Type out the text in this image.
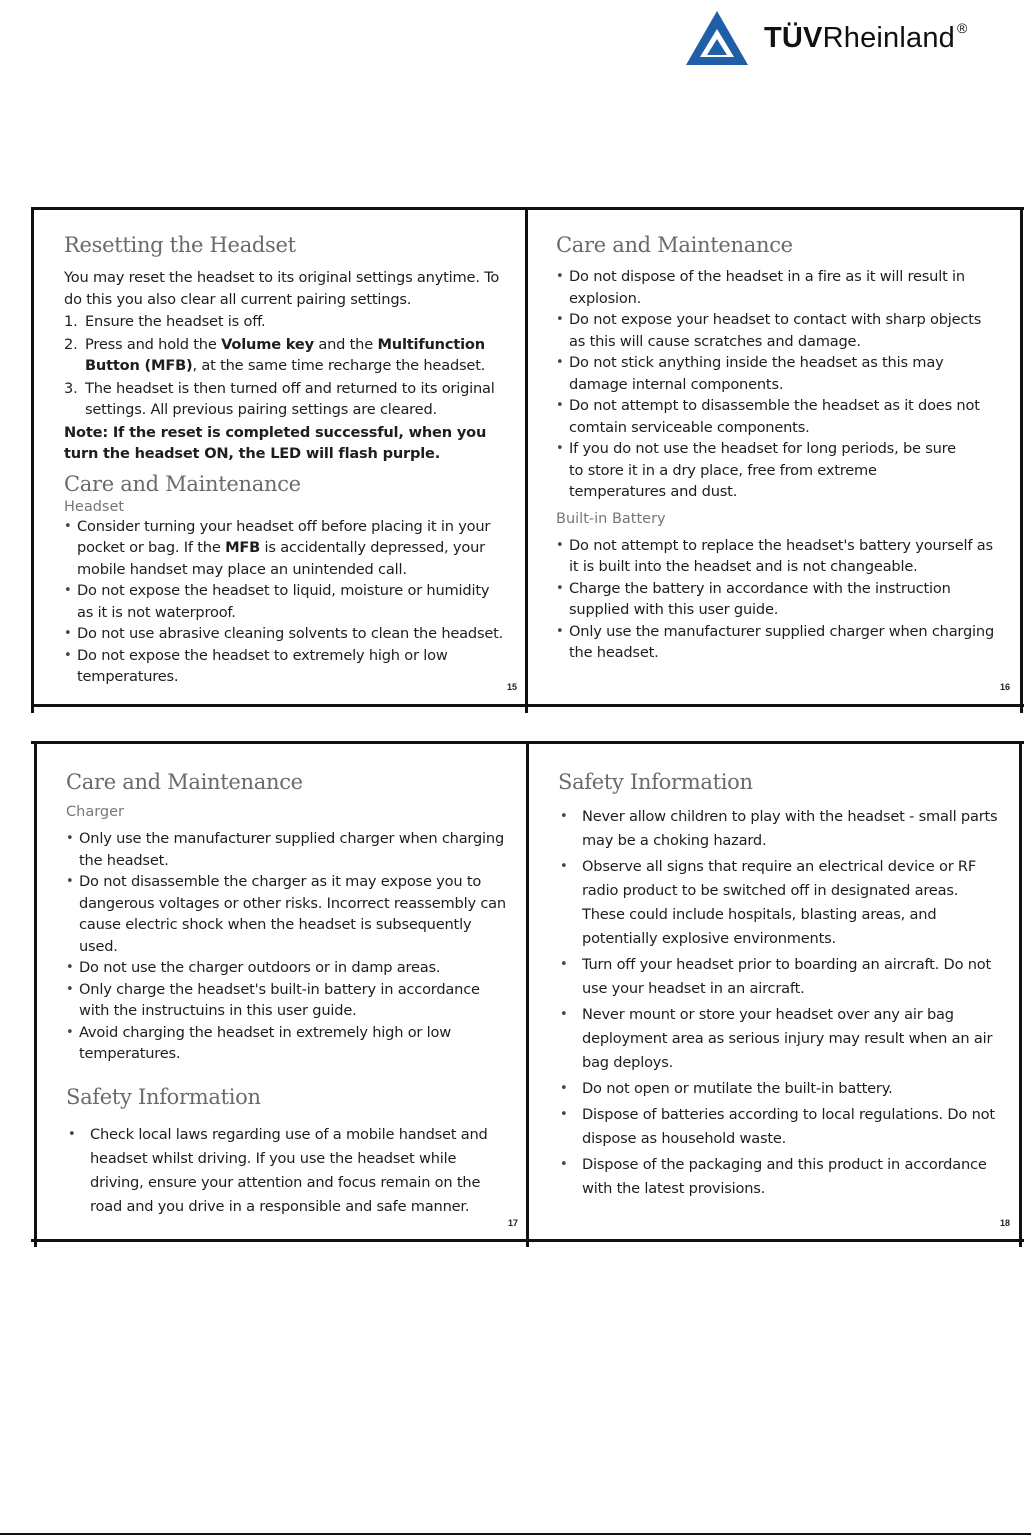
TÜVRheinland ®
Resetting the Headset

You may reset the headset to its original settings anytime. To do this you also clear all current pairing settings.

1. Ensure the headset is off.
2. Press and hold the Volume key and the Multifunction Button (MFB), at the same time recharge the headset.
3. The headset is then turned off and returned to its original settings. All previous pairing settings are cleared.

Note: If the reset is completed successful, when you turn the headset ON, the LED will flash purple.

Care and Maintenance
Headset
• Consider turning your headset off before placing it in your pocket or bag. If the MFB is accidentally depressed, your mobile handset may place an unintended call.
• Do not expose the headset to liquid, moisture or humidity as it is not waterproof.
• Do not use abrasive cleaning solvents to clean the headset.
• Do not expose the headset to extremely high or low temperatures.
15
Care and Maintenance
• Do not dispose of the headset in a fire as it will result in explosion.
• Do not expose your headset to contact with sharp objects as this will cause scratches and damage.
• Do not stick anything inside the headset as this may damage internal components.
• Do not attempt to disassemble the headset as it does not comtain serviceable components.
• If you do not use the headset for long periods, be sure to store it in a dry place, free from extreme temperatures and dust.
Built-in Battery
• Do not attempt to replace the headset's battery yourself as it is built into the headset and is not changeable.
• Charge the battery in accordance with the instruction supplied with this user guide.
• Only use the manufacturer supplied charger when charging the headset.
16
Care and Maintenance
Charger
• Only use the manufacturer supplied charger when charging the headset.
• Do not disassemble the charger as it may expose you to dangerous voltages or other risks. Incorrect reassembly can cause electric shock when the headset is subsequently used.
• Do not use the charger outdoors or in damp areas.
• Only charge the headset's built-in battery in accordance with the instructuins in this user guide.
• Avoid charging the headset in extremely high or low temperatures.
Safety Information
• Check local laws regarding use of a mobile handset and headset whilst driving. If you use the headset while driving, ensure your attention and focus remain on the road and you drive in a responsible and safe manner.
17
Safety Information
• Never allow children to play with the headset - small parts may be a choking hazard.
• Observe all signs that require an electrical device or RF radio product to be switched off in designated areas. These could include hospitals, blasting areas, and potentially explosive environments.
• Turn off your headset prior to boarding an aircraft. Do not use your headset in an aircraft.
• Never mount or store your headset over any air bag deployment area as serious injury may result when an air bag deploys.
• Do not open or mutilate the built-in battery.
• Dispose of batteries according to local regulations. Do not dispose as household waste.
• Dispose of the packaging and this product in accordance with the latest provisions.
18
